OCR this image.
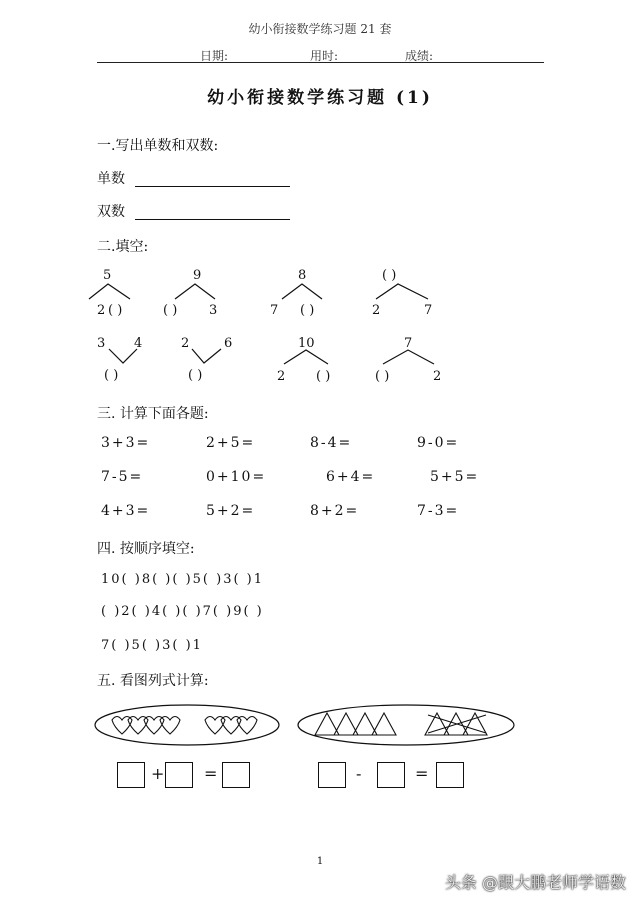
幼小衔接数学练习题 21 套
日期:	用时:	成绩:
幼小衔接数学练习题 (1)
一.写出单数和双数:
单数
双数
二.填空:
5
2 ( )
9
( ) 3
8
7 ( )
( )
2	7
3 4
( )
2	6
( )
10
2 ( )
7
( )	2
三. 计算下面各题:
3+3=	2+5=	8-4=	9-0=
7-5=	0+10=	6+4=	5+5=
4+3=	5+2=	8+2=	7-3=
四. 按顺序填空:
10( )8( )( )5( )3( )1
( )2( )4( )( )7( )9( )
7( )5( )3( )1
五. 看图列式计算:
+ =	-	=
1
头条 @跟大鹏老师学语数
